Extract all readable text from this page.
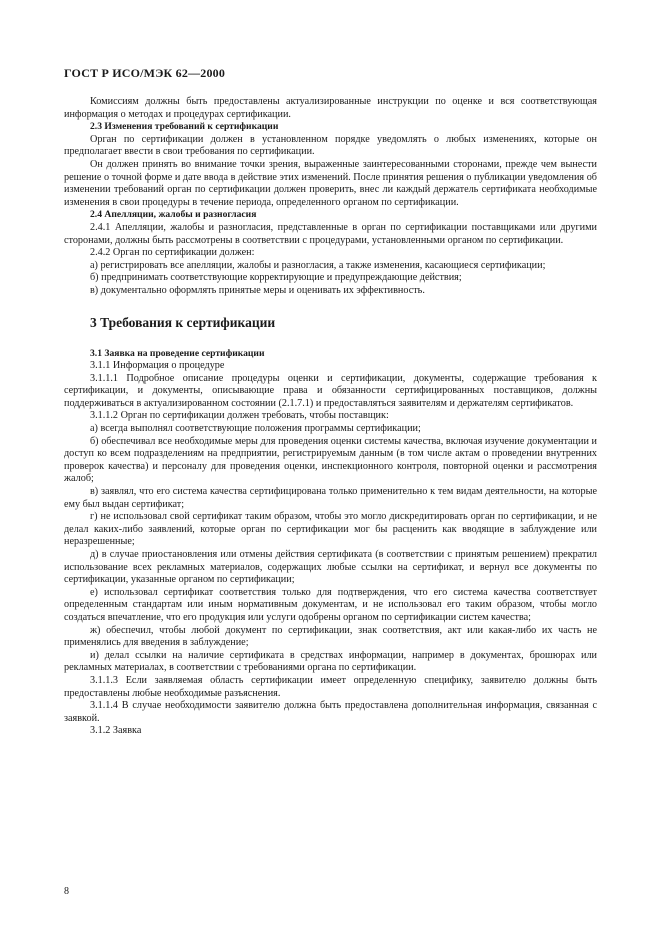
ГОСТ Р ИСО/МЭК 62—2000

Комиссиям должны быть предоставлены актуализированные инструкции по оценке и вся соответствующая информация о методах и процедурах сертификации.

2.3 Изменения требований к сертификации

Орган по сертификации должен в установленном порядке уведомлять о любых изменениях, которые он предполагает ввести в свои требования по сертификации.

Он должен принять во внимание точки зрения, выраженные заинтересованными сторонами, прежде чем вынести решение о точной форме и дате ввода в действие этих изменений. После принятия решения о публикации уведомления об изменении требований орган по сертификации должен проверить, внес ли каждый держатель сертификата необходимые изменения в свои процедуры в течение периода, определенного органом по сертификации.

2.4 Апелляции, жалобы и разногласия

2.4.1 Апелляции, жалобы и разногласия, представленные в орган по сертификации поставщиками или другими сторонами, должны быть рассмотрены в соответствии с процедурами, установленными органом по сертификации.

2.4.2 Орган по сертификации должен:

а) регистрировать все апелляции, жалобы и разногласия, а также изменения, касающиеся сертификации;

б) предпринимать соответствующие корректирующие и предупреждающие действия;

в) документально оформлять принятые меры и оценивать их эффективность.

3 Требования к сертификации

3.1 Заявка на проведение сертификации

3.1.1 Информация о процедуре

3.1.1.1 Подробное описание процедуры оценки и сертификации, документы, содержащие требования к сертификации, и документы, описывающие права и обязанности сертифицированных поставщиков, должны поддерживаться в актуализированном состоянии (2.1.7.1) и предоставляться заявителям и держателям сертификатов.

3.1.1.2 Орган по сертификации должен требовать, чтобы поставщик:

а) всегда выполнял соответствующие положения программы сертификации;

б) обеспечивал все необходимые меры для проведения оценки системы качества, включая изучение документации и доступ ко всем подразделениям на предприятии, регистрируемым данным (в том числе актам о проведении внутренних проверок качества) и персоналу для проведения оценки, инспекционного контроля, повторной оценки и рассмотрения жалоб;

в) заявлял, что его система качества сертифицирована только применительно к тем видам деятельности, на которые ему был выдан сертификат;

г) не использовал свой сертификат таким образом, чтобы это могло дискредитировать орган по сертификации, и не делал каких-либо заявлений, которые орган по сертификации мог бы расценить как вводящие в заблуждение или неразрешенные;

д) в случае приостановления или отмены действия сертификата (в соответствии с принятым решением) прекратил использование всех рекламных материалов, содержащих любые ссылки на сертификат, и вернул все документы по сертификации, указанные органом по сертификации;

е) использовал сертификат соответствия только для подтверждения, что его система качества соответствует определенным стандартам или иным нормативным документам, и не использовал его таким образом, чтобы могло создаться впечатление, что его продукция или услуги одобрены органом по сертификации систем качества;

ж) обеспечил, чтобы любой документ по сертификации, знак соответствия, акт или какая-либо их часть не применялись для введения в заблуждение;

и) делал ссылки на наличие сертификата в средствах информации, например в документах, брошюрах или рекламных материалах, в соответствии с требованиями органа по сертификации.

3.1.1.3 Если заявляемая область сертификации имеет определенную специфику, заявителю должны быть предоставлены любые необходимые разъяснения.

3.1.1.4 В случае необходимости заявителю должна быть предоставлена дополнительная информация, связанная с заявкой.

3.1.2 Заявка

8
